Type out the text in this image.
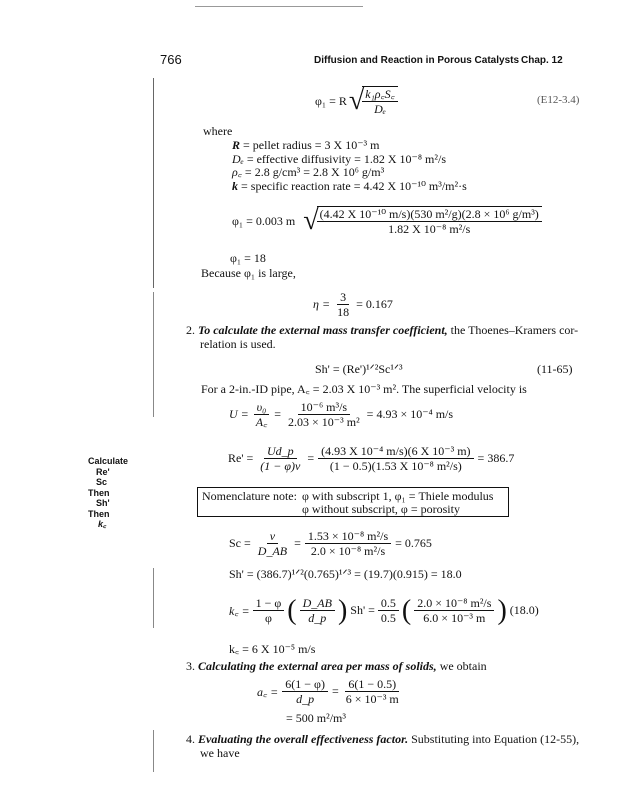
766	Diffusion and Reaction in Porous Catalysts Chap. 12
φ₁ = R √
$\frac{\text{k₁ρ꜀S꜀}}{\text{Dₑ}}$	(E12-3.4)
where
R = pellet radius = 3 X 10⁻³ m
Dₑ = effective diffusivity = 1.82 X 10⁻⁸ m²/s
ρ꜀ = 2.8 g/cm³ = 2.8 X 10⁶ g/m³
k = specific reaction rate = 4.42 X 10⁻¹⁰ m³/m²·s
φ₁ = 0.003 m √
$\frac{\text{(4.42 X 10⁻¹⁰ m/s)(530 m²/g)(2.8 × 10⁶ g/m³)}}{\text{1.82 X 10⁻⁸ m²/s}}$
φ₁ = 18
Because φ₁ is large,
$\eta = \frac{3}{18} = 0.167$
2. To calculate the external mass transfer coefficient, the Thoenes–Kramers cor-
relation is used.
Sh' = (Re')¹ᐟ²Sc¹ᐟ³	(11-65)
For a 2-in.-ID pipe, A꜀ = 2.03 X 10⁻³ m². The superficial velocity is
$U = \frac{\text{υ₀}}{A꜀} = \frac{\text{10⁻⁶ m³/s}}{\text{2.03 × 10⁻³ m²}} = 4.93 \times 10^{-4}$ m/s
Calculate
Re'
Sc
Then
Sh'
Then
k꜀
$Re' = \frac{Ud\_p}{(1 - \varphi)\nu} = \frac{\text{(4.93 X 10⁻⁴ m/s)(6 X 10⁻³ m)}}{\text{(1 − 0.5)(1.53 X 10⁻⁸ m²/s)}} = 386.7$
Nomenclature note: φ with subscript 1, φ₁ = Thiele modulus
φ without subscript, φ = porosity
$Sc = \frac{\nu}{D\_AB} = \frac{\text{1.53 × 10⁻⁸ m²/s}}{\text{2.0 × 10⁻⁸ m²/s}} = 0.765$
Sh' = (386.7)¹ᐟ²(0.765)¹ᐟ³ = (19.7)(0.915) = 18.0
k꜀ = $\frac{1 - \varphi}{\varphi}$ ( $\frac{D\_AB}{d\_p}$ ) $Sh' = \frac{0.5}{0.5}$ ( $\frac{\text{2.0 × 10⁻⁸ m²/s}}{\text{6.0 × 10⁻³ m}}$ ) (18.0)
k꜀ = 6 X 10⁻⁵ m/s
3. Calculating the external area per mass of solids, we obtain
a꜀ = $\frac{6(1 - \varphi)}{d\_p} = \frac{6(1 - 0.5)}{\text{6 × 10⁻³ m}}$
= 500 m²/m³
4. Evaluating the overall effectiveness factor. Substituting into Equation (12-55),
we have
